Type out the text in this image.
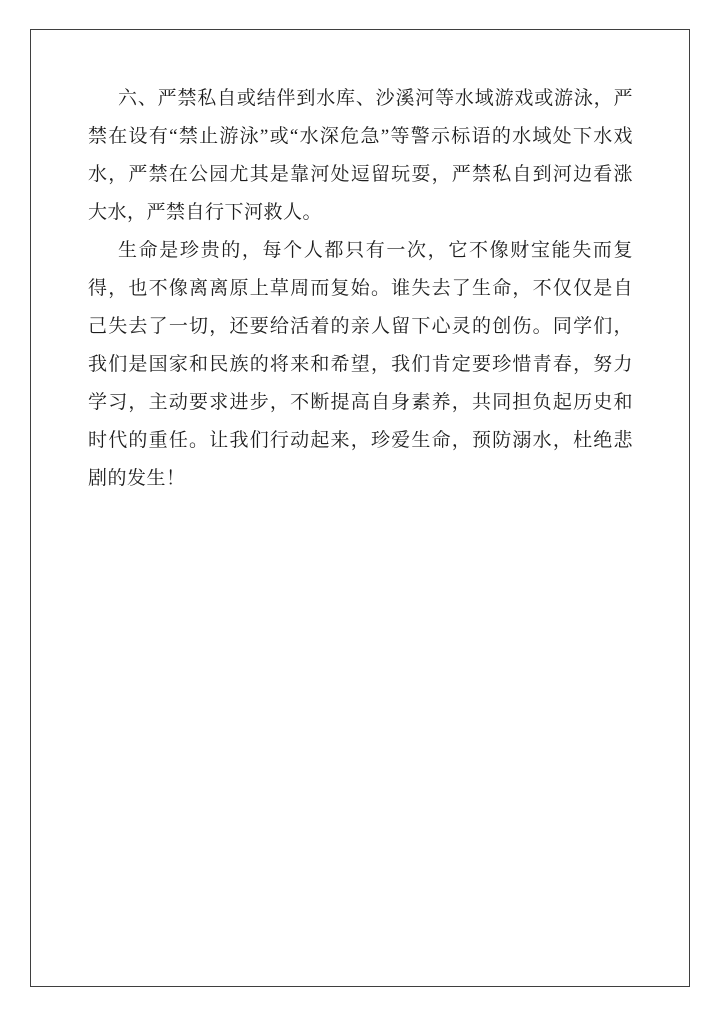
六、严禁私自或结伴到水库、沙溪河等水域游戏或游泳，严禁在设有“禁止游泳”或“水深危急”等警示标语的水域处下水戏水，严禁在公园尤其是靠河处逗留玩耍，严禁私自到河边看涨大水，严禁自行下河救人。

生命是珍贵的，每个人都只有一次，它不像财宝能失而复得，也不像离离原上草周而复始。谁失去了生命，不仅仅是自己失去了一切，还要给活着的亲人留下心灵的创伤。同学们，我们是国家和民族的将来和希望，我们肯定要珍惜青春，努力学习，主动要求进步，不断提高自身素养，共同担负起历史和时代的重任。让我们行动起来，珍爱生命，预防溺水，杜绝悲剧的发生！
